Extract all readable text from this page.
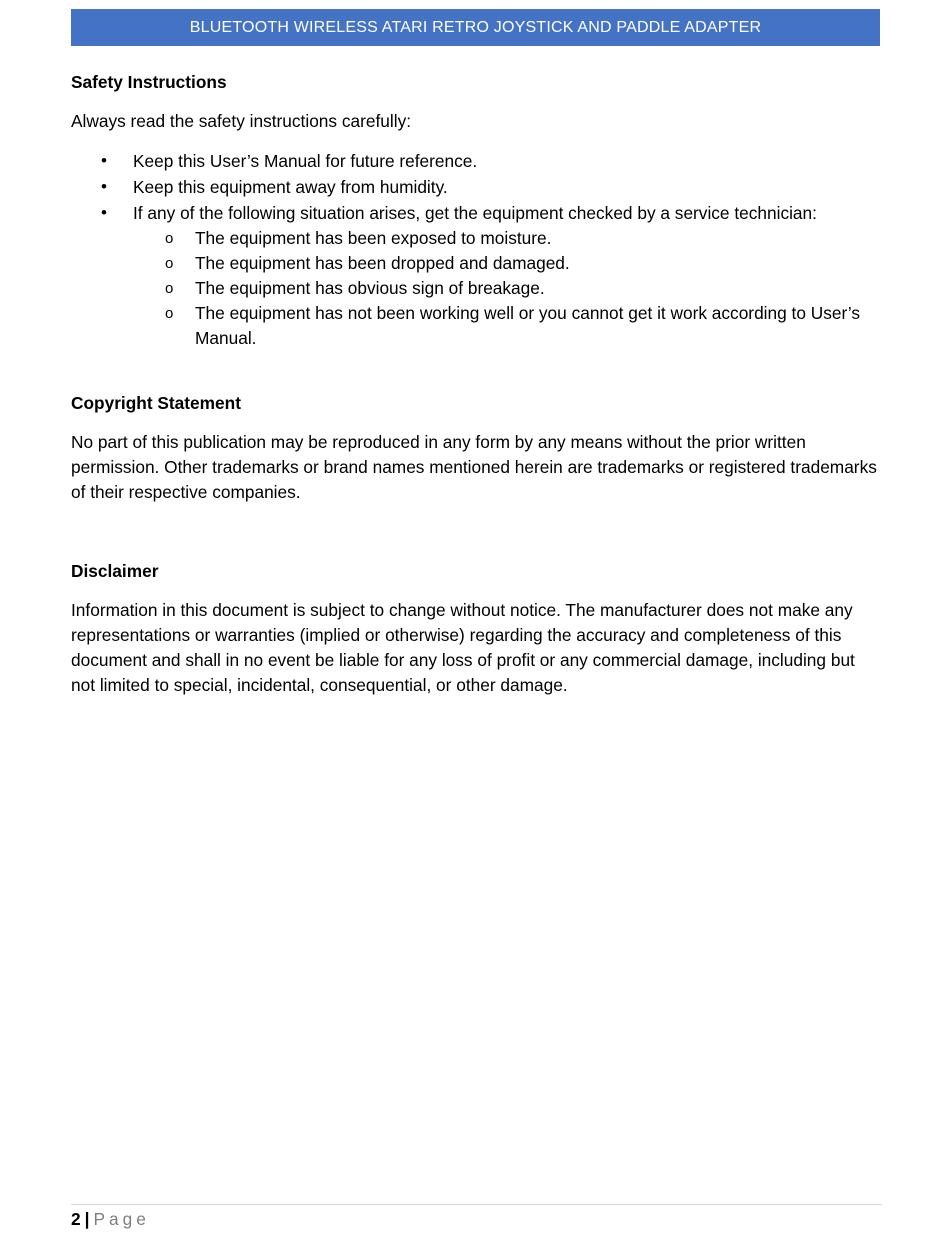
BLUETOOTH WIRELESS ATARI RETRO JOYSTICK AND PADDLE ADAPTER

Safety Instructions

Always read the safety instructions carefully:

• Keep this User’s Manual for future reference.
• Keep this equipment away from humidity.
• If any of the following situation arises, get the equipment checked by a service technician:
o The equipment has been exposed to moisture.
o The equipment has been dropped and damaged.
o The equipment has obvious sign of breakage.
o The equipment has not been working well or you cannot get it work according to User’s Manual.

Copyright Statement

No part of this publication may be reproduced in any form by any means without the prior written permission. Other trademarks or brand names mentioned herein are trademarks or registered trademarks of their respective companies.

Disclaimer

Information in this document is subject to change without notice. The manufacturer does not make any representations or warranties (implied or otherwise) regarding the accuracy and completeness of this document and shall in no event be liable for any loss of profit or any commercial damage, including but not limited to special, incidental, consequential, or other damage.

2 | Page
